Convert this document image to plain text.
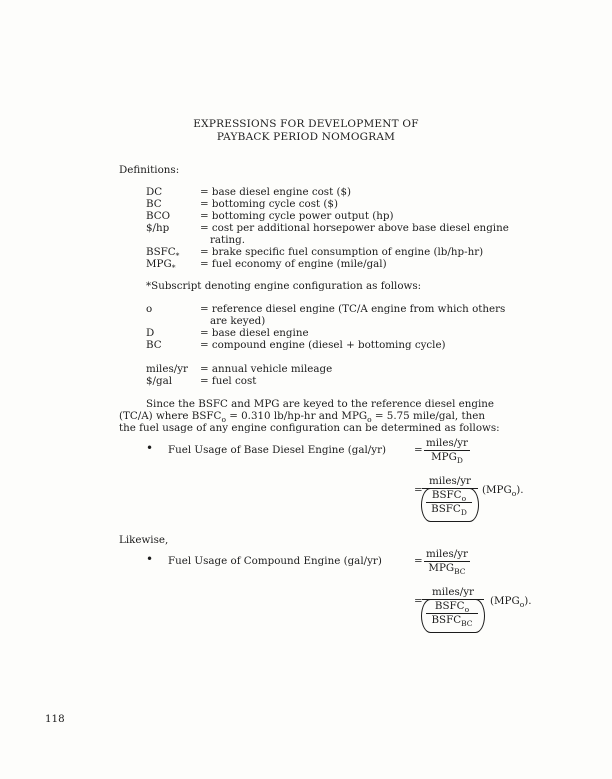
EXPRESSIONS FOR DEVELOPMENT OF
PAYBACK PERIOD NOMOGRAM
Definitions:
DC	= base diesel engine cost ($)
BC	= bottoming cycle cost ($)
BCO	= bottoming cycle power output (hp)
$/hp	= cost per additional horsepower above base diesel engine
rating.
$BSFC_*$ = brake specific fuel consumption of engine (lb/hp-hr)
$MPG_*$ = fuel economy of engine (mile/gal)
*Subscript denoting engine configuration as follows:
o	= reference diesel engine (TC/A engine from which others
are keyed)
D	= base diesel engine
BC	= compound engine (diesel + bottoming cycle)
miles/yr = annual vehicle mileage
$/gal	= fuel cost
Since the BSFC and MPG are keyed to the reference diesel engine
(TC/A) where $BSFC_o = 0.310$ lb/hp-hr and $MPG_o = 5.75$ mile/gal, then
the fuel usage of any engine configuration can be determined as follows:
• Fuel Usage of Base Diesel Engine (gal/yr)	=
miles/yr
$MPG_D$
=
miles/yr
$BSFC_o$
$BSFC_D$
$(MPG_o)$.
Likewise,
• Fuel Usage of Compound Engine (gal/yr)	=
miles/yr
$MPG_{BC}$
=
miles/yr
$BSFC_o$
$BSFC_{BC}$
$(MPG_o)$.
118
